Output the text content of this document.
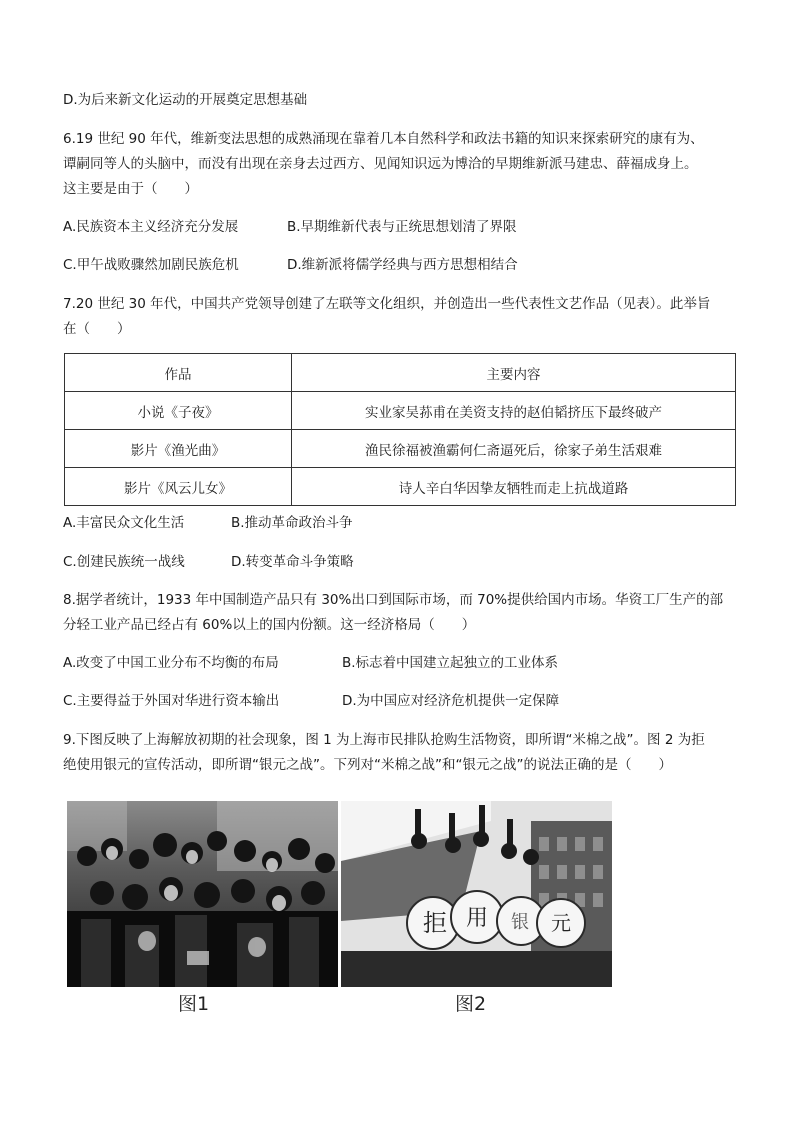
D.为后来新文化运动的开展奠定思想基础
6.19 世纪 90 年代，维新变法思想的成熟涌现在靠着几本自然科学和政法书籍的知识来探索研究的康有为、
谭嗣同等人的头脑中，而没有出现在亲身去过西方、见闻知识远为博洽的早期维新派马建忠、薛福成身上。
这主要是由于（　　）
A.民族资本主义经济充分发展	B.早期维新代表与正统思想划清了界限
C.甲午战败骤然加剧民族危机	D.维新派将儒学经典与西方思想相结合
7.20 世纪 30 年代，中国共产党领导创建了左联等文化组织，并创造出一些代表性文艺作品（见表）。此举旨
在（　　）
作品	主要内容
小说《子夜》	实业家吴荪甫在美资支持的赵伯韬挤压下最终破产
影片《渔光曲》	渔民徐福被渔霸何仁斋逼死后，徐家子弟生活艰难
影片《风云儿女》	诗人辛白华因挚友牺牲而走上抗战道路
A.丰富民众文化生活	B.推动革命政治斗争
C.创建民族统一战线	D.转变革命斗争策略
8.据学者统计，1933 年中国制造产品只有 30%出口到国际市场，而 70%提供给国内市场。华资工厂生产的部
分轻工业产品已经占有 60%以上的国内份额。这一经济格局（　　）
A.改变了中国工业分布不均衡的布局	B.标志着中国建立起独立的工业体系
C.主要得益于外国对华进行资本输出	D.为中国应对经济危机提供一定保障
9.下图反映了上海解放初期的社会现象，图 1 为上海市民排队抢购生活物资，即所谓“米棉之战”。图 2 为拒
绝使用银元的宣传活动，即所谓“银元之战”。下列对“米棉之战”和“银元之战”的说法正确的是（　　）
拒 用 银 元
图1	图2
